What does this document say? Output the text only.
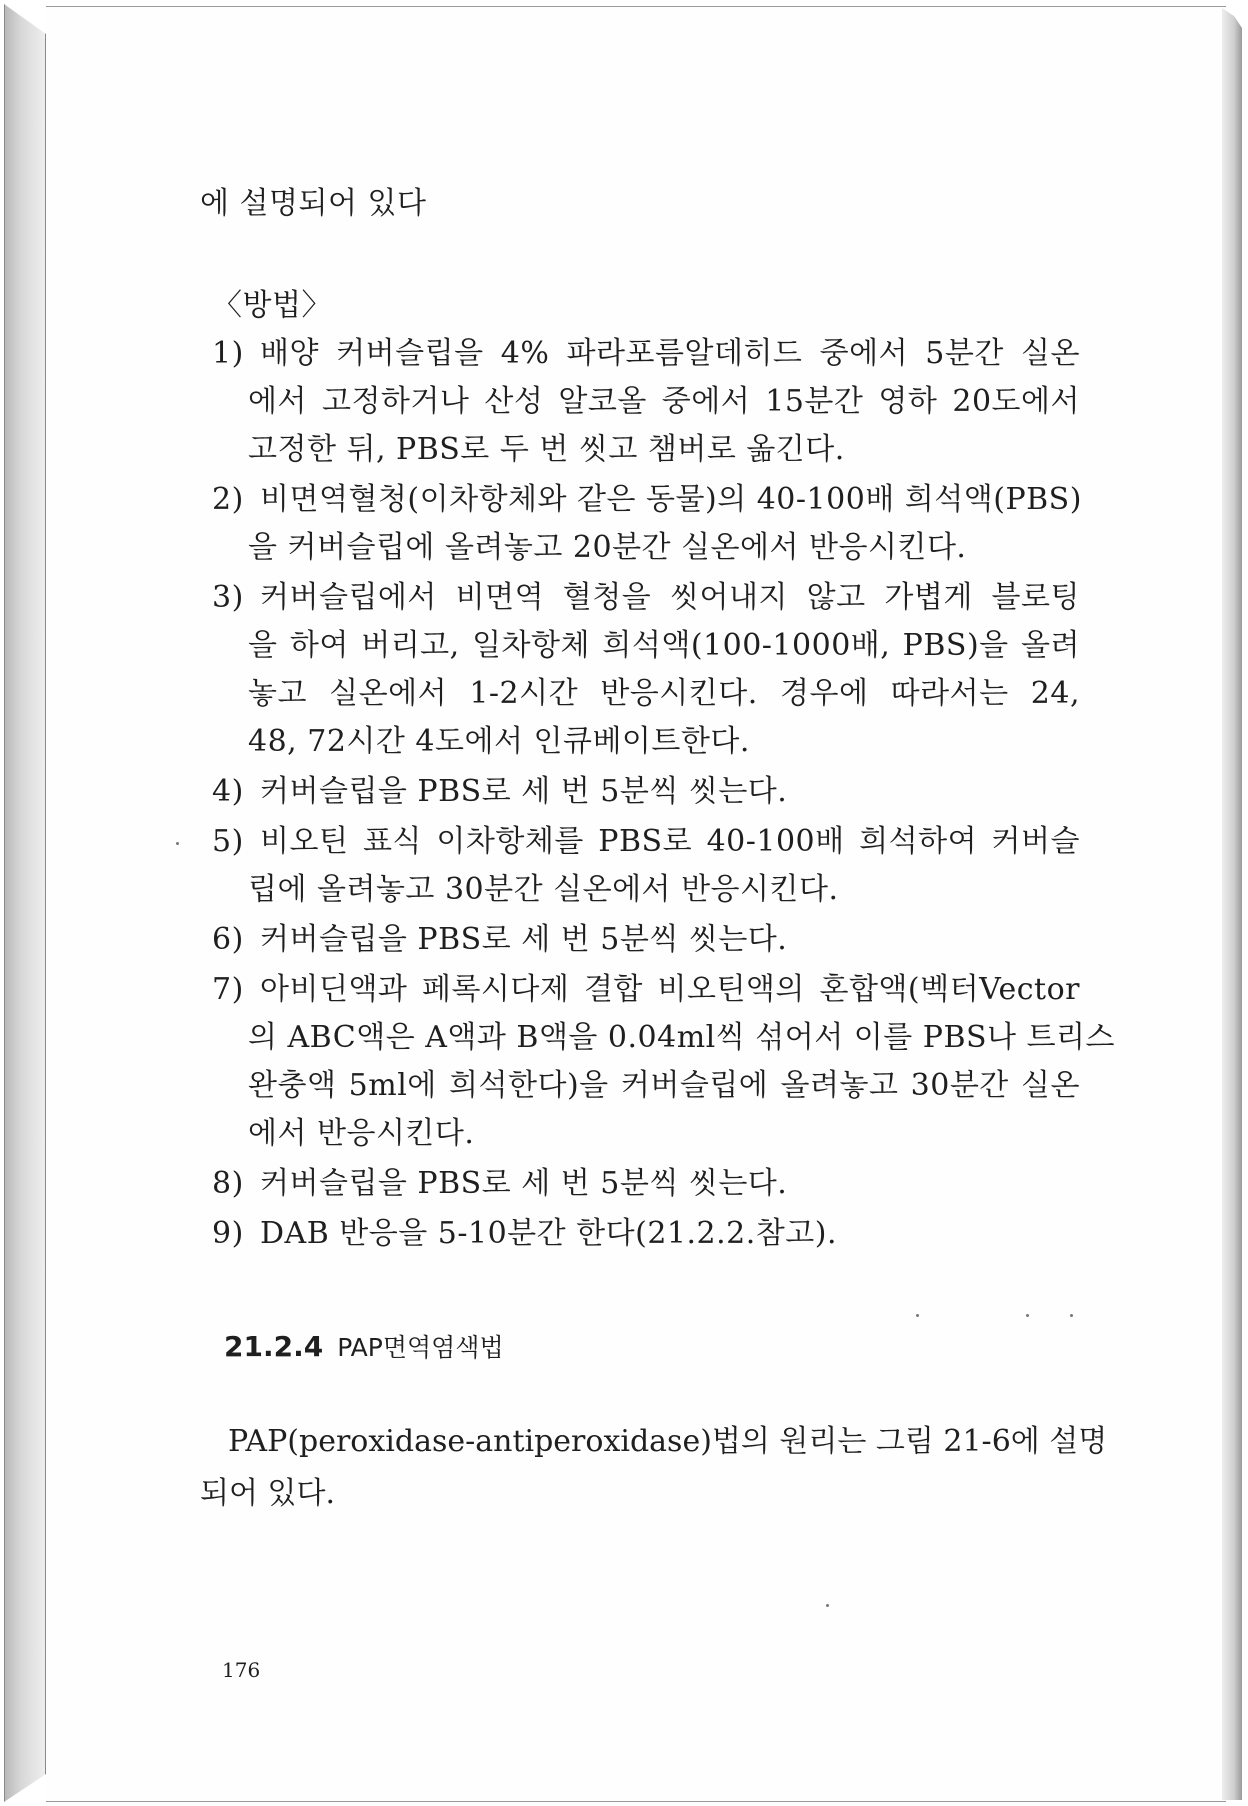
에 설명되어 있다
〈방법〉
1) 배양 커버슬립을 4% 파라포름알데히드 중에서 5분간 실온
에서 고정하거나 산성 알코올 중에서 15분간 영하 20도에서
고정한 뒤, PBS로 두 번 씻고 챔버로 옮긴다.
2) 비면역혈청(이차항체와 같은 동물)의 40-100배 희석액(PBS)
을 커버슬립에 올려놓고 20분간 실온에서 반응시킨다.
3) 커버슬립에서 비면역 혈청을 씻어내지 않고 가볍게 블로팅
을 하여 버리고, 일차항체 희석액(100-1000배, PBS)을 올려
놓고 실온에서 1-2시간 반응시킨다. 경우에 따라서는 24,
48, 72시간 4도에서 인큐베이트한다.
4) 커버슬립을 PBS로 세 번 5분씩 씻는다.
5) 비오틴 표식 이차항체를 PBS로 40-100배 희석하여 커버슬
립에 올려놓고 30분간 실온에서 반응시킨다.
6) 커버슬립을 PBS로 세 번 5분씩 씻는다.
7) 아비딘액과 페록시다제 결합 비오틴액의 혼합액(벡터Vector
의 ABC액은 A액과 B액을 0.04ml씩 섞어서 이를 PBS나 트리스
완충액 5ml에 희석한다)을 커버슬립에 올려놓고 30분간 실온
에서 반응시킨다.
8) 커버슬립을 PBS로 세 번 5분씩 씻는다.
9) DAB 반응을 5-10분간 한다(21.2.2.참고).
21.2.4 PAP면역염색법
PAP(peroxidase-antiperoxidase)법의 원리는 그림 21-6에 설명
되어 있다.
176
